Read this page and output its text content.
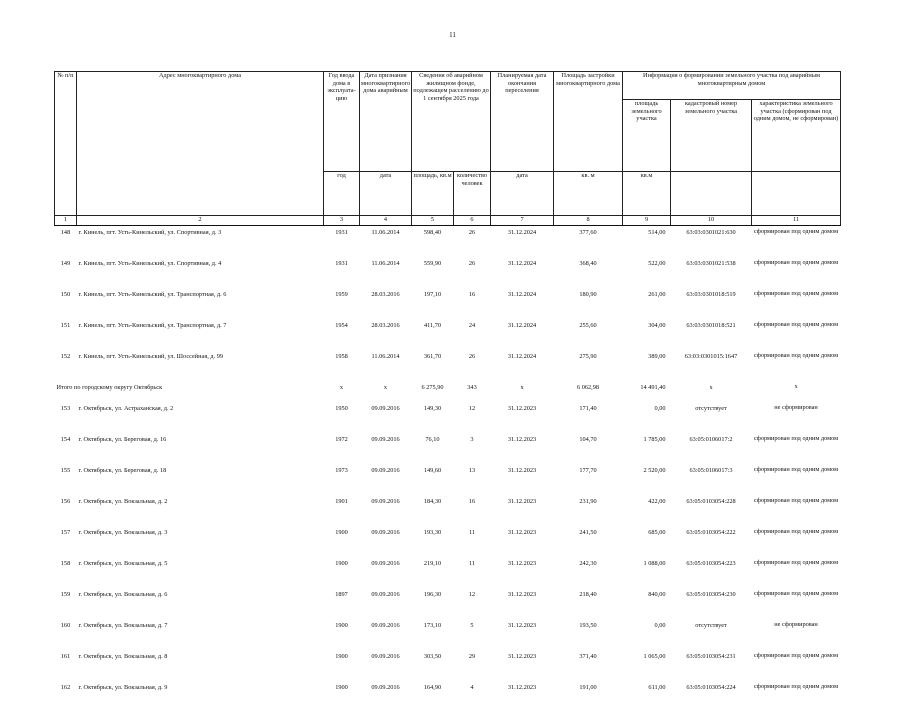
11
№ п/п	Адрес многоквартирного дома	Год ввода дома в эксплуата-цию	Дата признания многоквартирного дома аварийным	Сведения об аварийном жилищном фонде, подлежащем расселению до 1 сентября 2025 года		Планируемая дата окончания переселения	Площадь застройки многоквартирного дома	Информация о формировании земельного участка под аварийным многоквартирным домом		
								площадь земельного участка	кадастровый номер земельного участка	характеристика земельного участка (сформирован под одним домом, не сформирован)
		год	дата	площадь, кв.м	количество человек	дата	кв. м	кв.м		
1	2	3	4	5	6	7	8	9	10	11
148	г. Кинель, пгт. Усть-Кинельский, ул. Спортивная, д. 3	1931	11.06.2014	598,40	26	31.12.2024	377,60	514,00	63:03:0301021:630	сформирован под одним домом
149	г. Кинель, пгт. Усть-Кинельский, ул. Спортивная, д. 4	1931	11.06.2014	559,90	26	31.12.2024	368,40	522,00	63:03:0301021:538	сформирован под одним домом
150	г. Кинель, пгт. Усть-Кинельский, ул. Транспортная, д. 6	1959	28.03.2016	197,10	16	31.12.2024	180,90	261,00	63:03:0301018:519	сформирован под одним домом
151	г. Кинель, пгт. Усть-Кинельский, ул. Транспортная, д. 7	1954	28.03.2016	411,70	24	31.12.2024	255,60	304,00	63:03:0301018:521	сформирован под одним домом
152	г. Кинель, пгт. Усть-Кинельский, ул. Шоссейная, д. 99	1958	11.06.2014	361,70	26	31.12.2024	275,90	389,00	63:03:0301015:1647	сформирован под одним домом
Итого по городскому округу Октябрьск		х	х	6 275,90	343	х	6 062,98	14 491,40	х	х
153	г. Октябрьск, ул. Астраханская, д. 2	1950	09.09.2016	149,30	12	31.12.2023	171,40	0,00	отсутствует	не сформирован
154	г. Октябрьск, ул. Береговая, д. 16	1972	09.09.2016	76,10	3	31.12.2023	104,70	1 785,00	63:05:0106017:2	сформирован под одним домом
155	г. Октябрьск, ул. Береговая, д. 18	1973	09.09.2016	149,60	13	31.12.2023	177,70	2 520,00	63:05:0106017:3	сформирован под одним домом
156	г. Октябрьск, ул. Вокзальная, д. 2	1901	09.09.2016	184,30	16	31.12.2023	231,90	422,00	63:05:0103054:228	сформирован под одним домом
157	г. Октябрьск, ул. Вокзальная, д. 3	1900	09.09.2016	193,30	11	31.12.2023	241,50	685,00	63:05:0103054:222	сформирован под одним домом
158	г. Октябрьск, ул. Вокзальная, д. 5	1900	09.09.2016	219,10	11	31.12.2023	242,30	1 088,00	63:05:0103054:223	сформирован под одним домом
159	г. Октябрьск, ул. Вокзальная, д. 6	1897	09.09.2016	196,30	12	31.12.2023	218,40	840,00	63:05:0103054:230	сформирован под одним домом
160	г. Октябрьск, ул. Вокзальная, д. 7	1900	09.09.2016	173,10	5	31.12.2023	193,50	0,00	отсутствует	не сформирован
161	г. Октябрьск, ул. Вокзальная, д. 8	1900	09.09.2016	303,50	29	31.12.2023	371,40	1 065,00	63:05:0103054:231	сформирован под одним домом
162	г. Октябрьск, ул. Вокзальная, д. 9	1900	09.09.2016	164,90	4	31.12.2023	191,00	611,00	63:05:0103054:224	сформирован под одним домом
